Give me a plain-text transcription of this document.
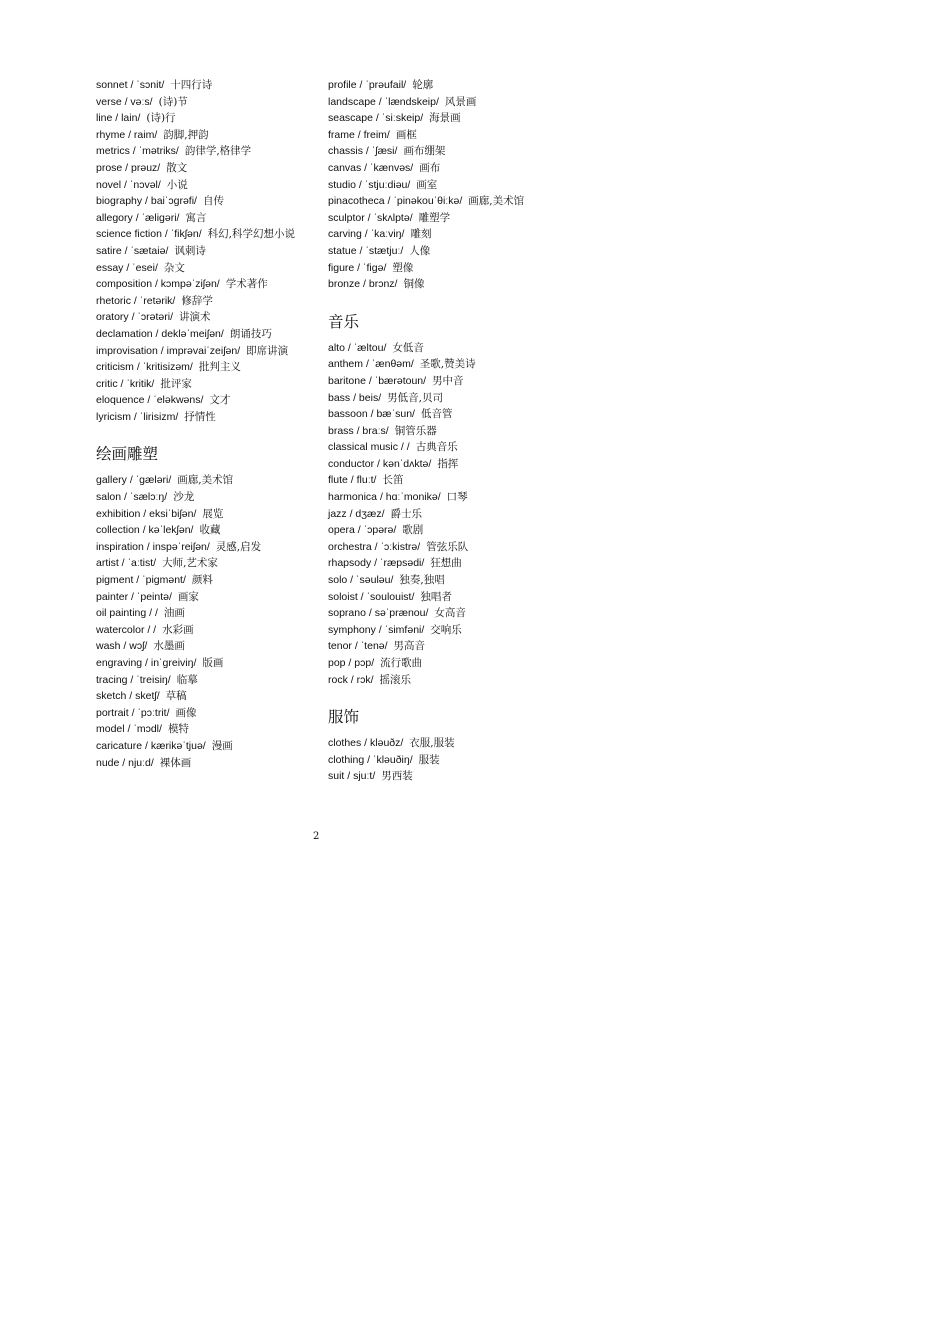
sonnet / ˈsɔnit/ 十四行诗
verse / vəːs/ (诗)节
line / lain/ (诗)行
rhyme / raim/ 韵脚,押韵
metrics / ˈmətriks/ 韵律学,格律学
prose / prəuz/ 散文
novel / ˈnɔvəl/ 小说
biography / baiˈɔgrəfi/ 自传
allegory / ˈæligəri/ 寓言
science fiction / ˈfikʃən/ 科幻,科学幻想小说
satire / ˈsætaiə/ 讽刺诗
essay / ˈesei/ 杂文
composition / kɔmpəˈziʃən/ 学术著作
rhetoric / ˈretərik/ 修辞学
oratory / ˈɔrətəri/ 讲演术
declamation / dekləˈmeiʃən/ 朗诵技巧
improvisation / imprəvaiˈzeiʃən/ 即席讲演
criticism / ˈkritisizəm/ 批判主义
critic / ˈkritik/ 批评家
eloquence / ˈeləkwəns/ 文才
lyricism / ˈlirisizm/ 抒情性
绘画雕塑
gallery / ˈgæləri/ 画廊,美术馆
salon / ˈsælɔːŋ/ 沙龙
exhibition / eksiˈbiʃən/ 展览
collection / kəˈlekʃən/ 收藏
inspiration / inspəˈreiʃən/ 灵感,启发
artist / ˈaːtist/ 大师,艺术家
pigment / ˈpigmənt/ 颜料
painter / ˈpeintə/ 画家
oil painting / / 油画
watercolor / / 水彩画
wash / wɔʃ/ 水墨画
engraving / inˈgreiviŋ/ 版画
tracing / ˈtreisiŋ/ 临摹
sketch / sketʃ/ 草稿
portrait / ˈpɔːtrit/ 画像
model / ˈmɔdl/ 模特
caricature / kærikəˈtjuə/ 漫画
nude / njuːd/ 裸体画
profile / ˈprəufail/ 轮廓
landscape / ˈlændskeip/ 风景画
seascape / ˈsiːskeip/ 海景画
frame / freim/ 画框
chassis / ˈʃæsi/ 画布绷架
canvas / ˈkænvəs/ 画布
studio / ˈstjuːdiəu/ 画室
pinacotheca / ˈpinəkouˈθiːkə/ 画廊,美术馆
sculptor / ˈskʌlptə/ 雕塑学
carving / ˈkaːviŋ/ 雕刻
statue / ˈstætjuː/ 人像
figure / ˈfigə/ 塑像
bronze / brɔnz/ 铜像
音乐
alto / ˈæltou/ 女低音
anthem / ˈænθəm/ 圣歌,赞美诗
baritone / ˈbærətoun/ 男中音
bass / beis/ 男低音,贝司
bassoon / bæˈsun/ 低音管
brass / braːs/ 铜管乐器
classical music / / 古典音乐
conductor / kənˈdʌktə/ 指挥
flute / fluːt/ 长笛
harmonica / hɑːˈmonikə/ 口琴
jazz / dʒæz/ 爵士乐
opera / ˈɔpərə/ 歌剧
orchestra / ˈɔːkistrə/ 管弦乐队
rhapsody / ˈræpsədi/ 狂想曲
solo / ˈsəuləu/ 独奏,独唱
soloist / ˈsoulouist/ 独唱者
soprano / səˈprænou/ 女高音
symphony / ˈsimfəni/ 交响乐
tenor / ˈtenə/ 男高音
pop / pɔp/ 流行歌曲
rock / rɔk/ 摇滚乐
服饰
clothes / kləuðz/ 衣服,服装
clothing / ˈkləuðiŋ/ 服装
suit / sjuːt/ 男西装
2
